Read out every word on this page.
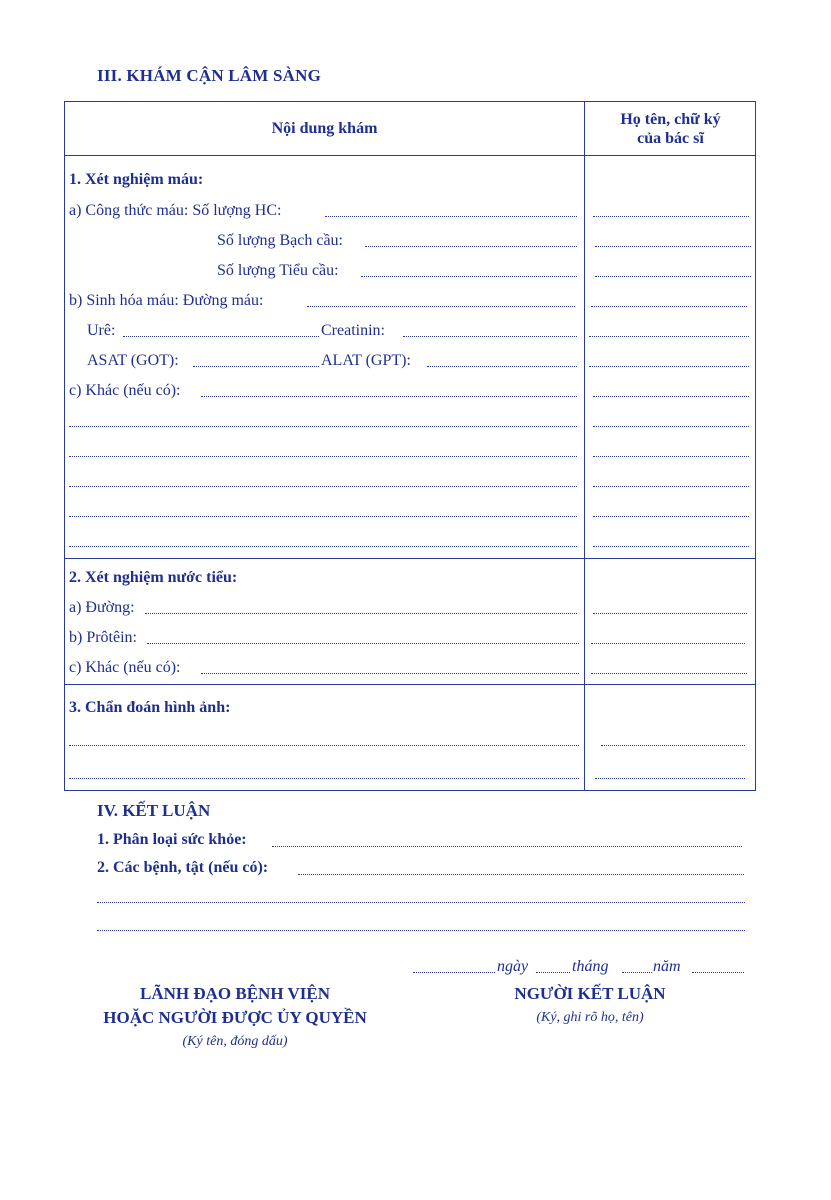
III. KHÁM CẬN LÂM SÀNG
Nội dung khám
Họ tên, chữ ký
của bác sĩ
1. Xét nghiệm máu:
a) Công thức máu: Số lượng HC:
Số lượng Bạch cầu:
Số lượng Tiểu cầu:
b) Sinh hóa máu: Đường máu:
Urê:	Creatinin:
ASAT (GOT):	ALAT (GPT):
c) Khác (nếu có):
2. Xét nghiệm nước tiểu:
a) Đường:
b) Prôtêin:
c) Khác (nếu có):
3. Chẩn đoán hình ảnh:
IV. KẾT LUẬN
1. Phân loại sức khỏe:
2. Các bệnh, tật (nếu có):
ngày	tháng	năm
LÃNH ĐẠO BỆNH VIỆN
HOẶC NGƯỜI ĐƯỢC ỦY QUYỀN
(Ký tên, đóng dấu)
NGƯỜI KẾT LUẬN
(Ký, ghi rõ họ, tên)
